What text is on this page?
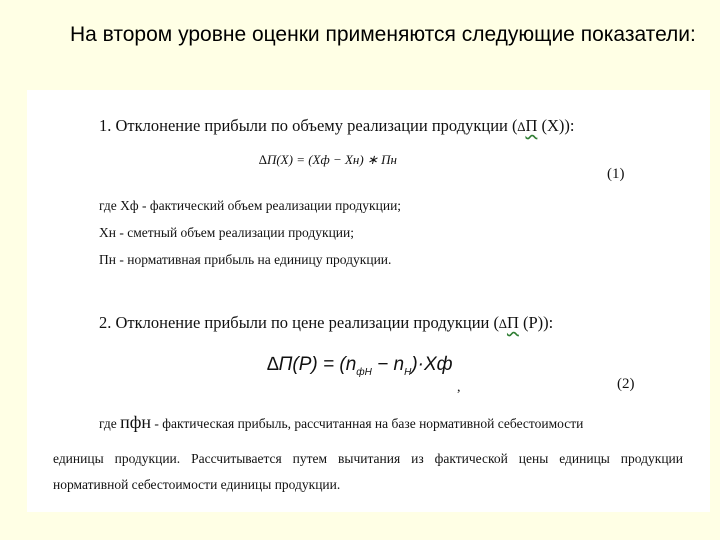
На втором уровне оценки применяются следующие показатели:
1. Отклонение прибыли по объему реализации продукции (∆П (X)):
∆П(X) = (Xф − Xн) ∗ Пн
(1)
где Хф - фактический объем реализации продукции;
Хн - сметный объем реализации продукции;
Пн - нормативная прибыль на единицу продукции.
2. Отклонение прибыли по цене реализации продукции (∆П (Р)):
$\Delta П(P) = (n_{фН} - n_Н)\cdot Xф$
,	(2)
где пфн - фактическая прибыль, рассчитанная на базе нормативной себестоимости
единицы продукции. Рассчитывается путем вычитания из фактической цены единицы продукции нормативной себестоимости единицы продукции.
